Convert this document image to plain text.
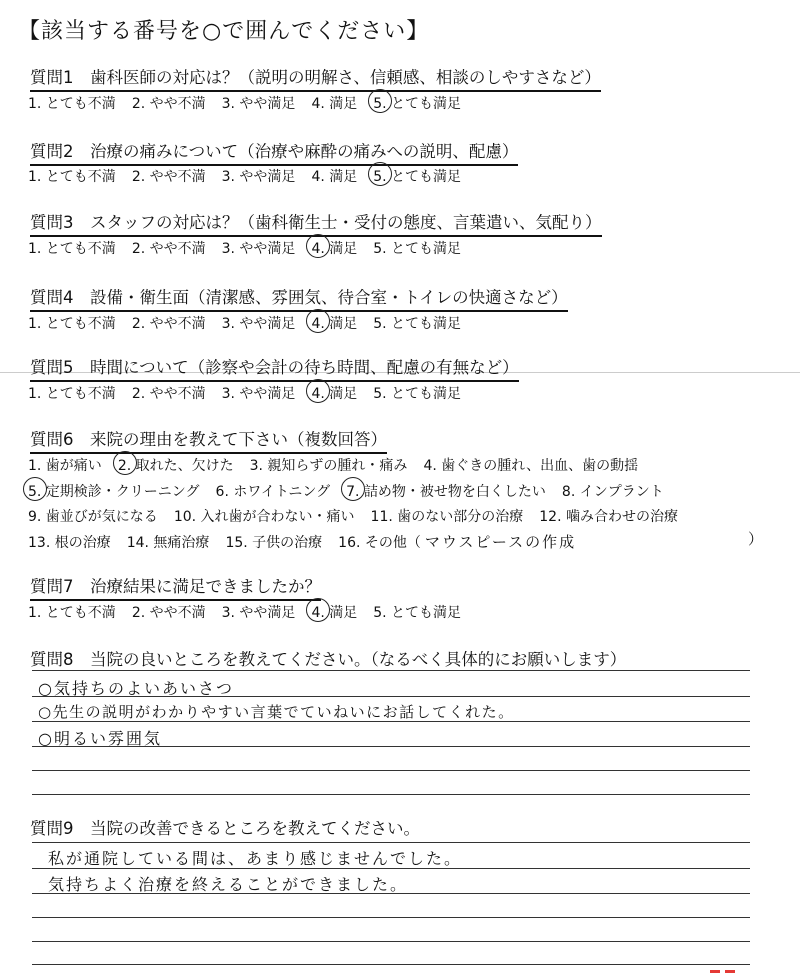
【該当する番号を○で囲んでください】
質問1　歯科医師の対応は？（説明の明解さ、信頼感、相談のしやすさなど）
1. とても不満 2. やや不満 3. やや満足 4. 満足 5. とても満足
質問2　治療の痛みについて（治療や麻酔の痛みへの説明、配慮）
1. とても不満 2. やや不満 3. やや満足 4. 満足 5. とても満足
質問3　スタッフの対応は？（歯科衛生士・受付の態度、言葉遣い、気配り）
1. とても不満 2. やや不満 3. やや満足 4. 満足 5. とても満足
質問4　設備・衛生面（清潔感、雰囲気、待合室・トイレの快適さなど）
1. とても不満 2. やや不満 3. やや満足 4. 満足 5. とても満足
質問5　時間について（診察や会計の待ち時間、配慮の有無など）
1. とても不満 2. やや不満 3. やや満足 4. 満足 5. とても満足
質問6　来院の理由を教えて下さい（複数回答）
1. 歯が痛い 2. 取れた、欠けた 3. 親知らずの腫れ・痛み 4. 歯ぐきの腫れ、出血、歯の動揺
5. 定期検診・クリーニング 6. ホワイトニング 7. 詰め物・被せ物を白くしたい 8. インプラント
9. 歯並びが気になる 10. 入れ歯が合わない・痛い 11. 歯のない部分の治療 12. 噛み合わせの治療
13. 根の治療 14. 無痛治療 15. 子供の治療 16. その他（ マウスピースの作成	）
質問7　治療結果に満足できましたか？
1. とても不満 2. やや不満 3. やや満足 4. 満足 5. とても満足
質問8　当院の良いところを教えてください。（なるべく具体的にお願いします）
○気持ちのよいあいさつ
○先生の説明がわかりやすい言葉でていねいにお話してくれた。
○明るい雰囲気
質問9　当院の改善できるところを教えてください。
私が通院している間は、あまり感じませんでした。
気持ちよく治療を終えることができました。
